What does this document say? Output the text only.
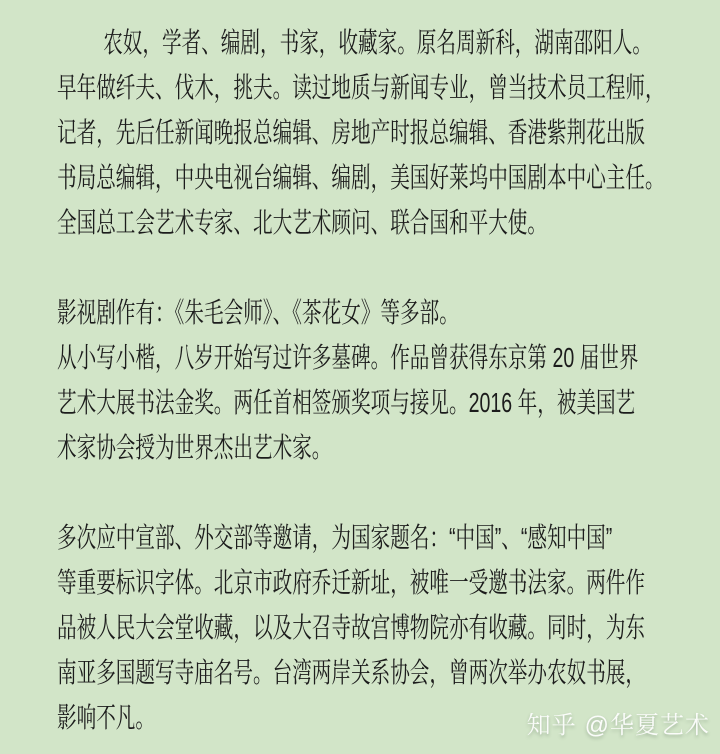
农奴，学者、编剧，书家，收藏家。原名周新科，湖南邵阳人。
早年做纤夫、伐木，挑夫。读过地质与新闻专业，曾当技术员工程师，
记者，先后任新闻晚报总编辑、房地产时报总编辑、香港紫荆花出版
书局总编辑，中央电视台编辑、编剧，美国好莱坞中国剧本中心主任。
全国总工会艺术专家、北大艺术顾问、联合国和平大使。
影视剧作有：《朱毛会师》、《茶花女》等多部。
从小写小楷，八岁开始写过许多墓碑。作品曾获得东京第 20 届世界
艺术大展书法金奖。两任首相签颁奖项与接见。2016 年，被美国艺
术家协会授为世界杰出艺术家。
多次应中宣部、外交部等邀请，为国家题名：“中国”、“感知中国”
等重要标识字体。北京市政府乔迁新址，被唯一受邀书法家。两件作
品被人民大会堂收藏，以及大召寺故宫博物院亦有收藏。同时，为东
南亚多国题写寺庙名号。台湾两岸关系协会，曾两次举办农奴书展，
影响不凡。	知乎 @华夏艺术
